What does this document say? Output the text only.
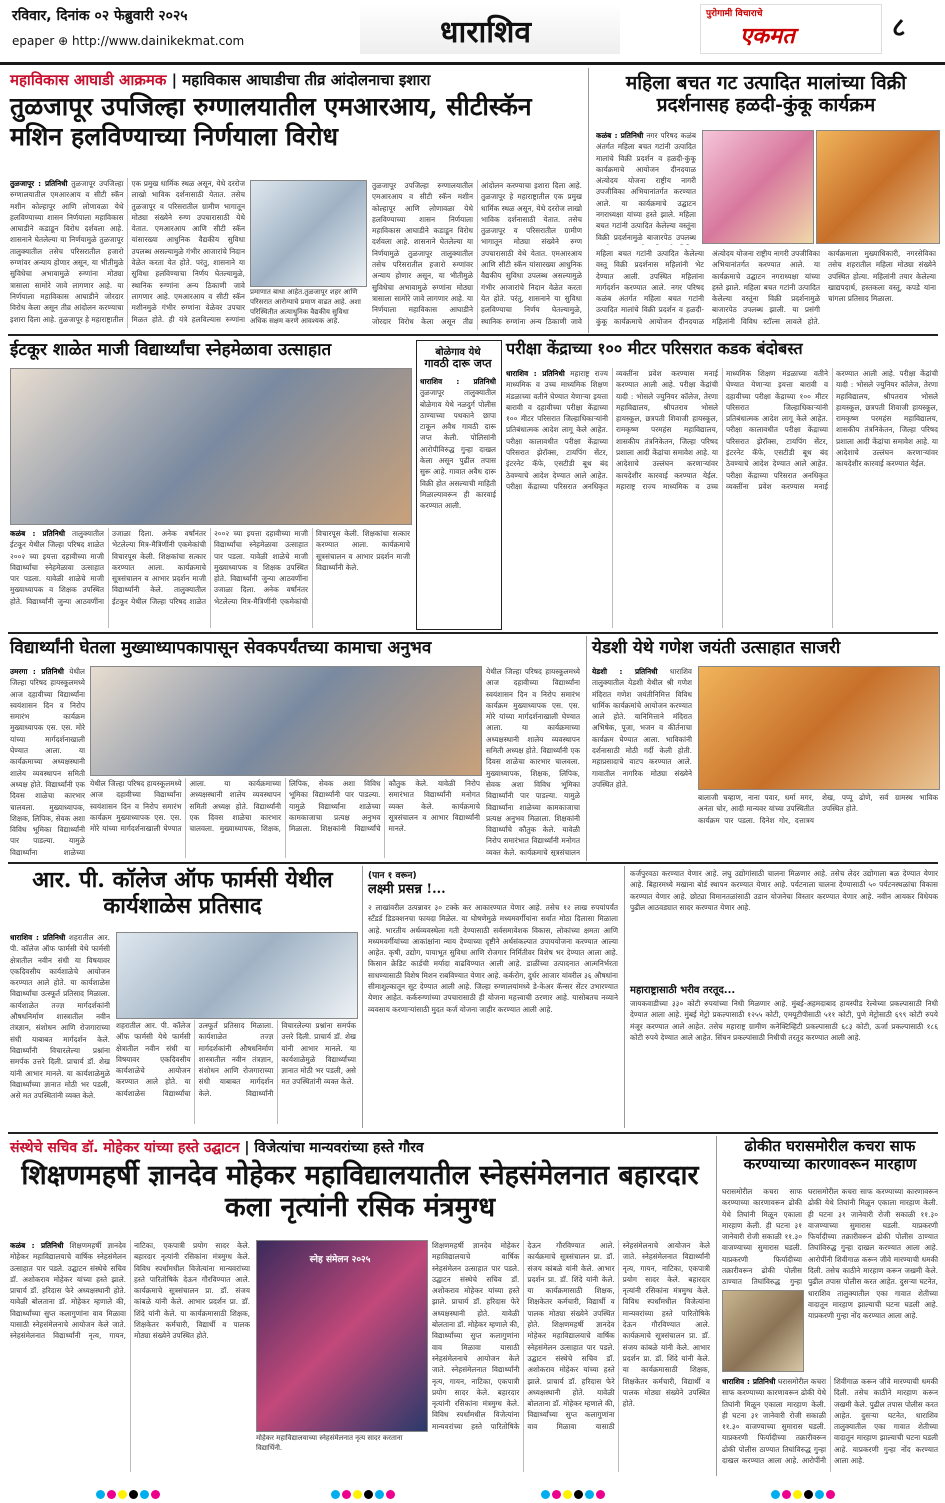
रविवार, दिनांक ०२ फेब्रुवारी २०२५
epaper ⊕ http://www.dainikekmat.com	धाराशिव
पुरोगामी विचाराचे
एकमत	८
महाविकास आघाडी आक्रमक | महाविकास आघाडीचा तीव्र आंदोलनाचा इशारा
तुळजापूर उपजिल्हा रुग्णालयातील एमआरआय, सीटीस्कॅन मशिन हलविण्याच्या निर्णयाला विरोध
तुळजापूर : प्रतिनिधी तुळजापूर उपजिल्हा रुग्णालयातील एमआरआय व सीटी स्कॅन मशीन कोल्हापूर आणि लोणावळा येथे हलविण्याच्या शासन निर्णयाला महाविकास आघाडीने कडाडून विरोध दर्शवला आहे. शासनाने घेतलेल्या या निर्णयामुळे तुळजापूर तालुक्यातील तसेच परिसरातील हजारो रुग्णांवर अन्याय होणार असून, या भीतीमुळे सुविधेचा अभावामुळे रुग्णांना मोठ्या त्रासाला सामोरे जावे लागणार आहे. या निर्णयाला महाविकास आघाडीने जोरदार विरोध केला असून तीव्र आंदोलन करण्याचा इशारा दिला आहे. तुळजापूर हे महाराष्ट्रातील एक प्रमुख धार्मिक स्थळ असून, येथे दररोज लाखो भाविक दर्शनासाठी येतात. तसेच तुळजापूर व परिसरातील ग्रामीण भागातून मोठ्या संख्येने रुग्ण उपचारासाठी येथे येतात. एमआरआय आणि सीटी स्कॅन यांसारख्या आधुनिक वैद्यकीय सुविधा उपलब्ध असल्यामुळे गंभीर आजारांचे निदान वेळेत करता येत होते. परंतु, शासनाने या सुविधा हलविण्याचा निर्णय घेतल्यामुळे, स्थानिक रुग्णांना अन्य ठिकाणी जावे लागणार आहे. एमआरआय व सीटी स्कॅन मशीनमुळे गंभीर रुग्णांना वेळेवर उपचार मिळत होते. ही यंत्रे हलविल्यास रुग्णांना
प्रमाणात बाधा आहेत.तुळजापूर शहर आणि परिसरात आरोग्याचे प्रमाण वाढत आहे. अशा परिस्थितीत अत्याधुनिक वैद्यकीय सुविधा अधिक सक्षम करणे आवश्यक आहे.
तुळजापूर उपजिल्हा रुग्णालयातील एमआरआय व सीटी स्कॅन मशीन कोल्हापूर आणि लोणावळा येथे हलविण्याच्या शासन निर्णयाला महाविकास आघाडीने कडाडून विरोध दर्शवला आहे. शासनाने घेतलेल्या या निर्णयामुळे तुळजापूर तालुक्यातील तसेच परिसरातील हजारो रुग्णांवर अन्याय होणार असून, या भीतीमुळे सुविधेचा अभावामुळे रुग्णांना मोठ्या त्रासाला सामोरे जावे लागणार आहे. या निर्णयाला महाविकास आघाडीने जोरदार विरोध केला असून तीव्र आंदोलन करण्याचा इशारा दिला आहे. तुळजापूर हे महाराष्ट्रातील एक प्रमुख धार्मिक स्थळ असून, येथे दररोज लाखो भाविक दर्शनासाठी येतात. तसेच तुळजापूर व परिसरातील ग्रामीण भागातून मोठ्या संख्येने रुग्ण उपचारासाठी येथे येतात. एमआरआय आणि सीटी स्कॅन यांसारख्या आधुनिक वैद्यकीय सुविधा उपलब्ध असल्यामुळे गंभीर आजारांचे निदान वेळेत करता येत होते. परंतु, शासनाने या सुविधा हलविण्याचा निर्णय घेतल्यामुळे, स्थानिक रुग्णांना अन्य ठिकाणी जावे
महिला बचत गट उत्पादित मालांच्या विक्री प्रदर्शनासह हळदी-कुंकू कार्यक्रम
कळंब : प्रतिनिधी नगर परिषद कळंब अंतर्गत महिला बचत गटांनी उत्पादित मालांचे विक्री प्रदर्शन व हळदी-कुंकू कार्यक्रमाचे आयोजन दीनदयाळ अंत्योदय योजना राष्ट्रीय नागरी उपजीविका अभियानांतर्गत करण्यात आले. या कार्यक्रमाचे उद्घाटन नगराध्यक्षा यांच्या हस्ते झाले. महिला बचत गटांनी उत्पादित केलेल्या वस्तूंना विक्री प्रदर्शनामुळे बाजारपेठ उपलब्ध
महिला बचत गटांनी उत्पादित केलेल्या वस्तू विक्री प्रदर्शनास महिलांनी भेट देण्यात आली. उपस्थित महिलांना मार्गदर्शन करण्यात आले. नगर परिषद कळंब अंतर्गत महिला बचत गटांनी उत्पादित मालांचे विक्री प्रदर्शन व हळदी-कुंकू कार्यक्रमाचे आयोजन दीनदयाळ अंत्योदय योजना राष्ट्रीय नागरी उपजीविका अभियानांतर्गत करण्यात आले. या कार्यक्रमाचे उद्घाटन नगराध्यक्षा यांच्या हस्ते झाले. महिला बचत गटांनी उत्पादित केलेल्या वस्तूंना विक्री प्रदर्शनामुळे बाजारपेठ उपलब्ध झाली. या प्रसंगी महिलांनी विविध स्टॉल्स लावले होते. कार्यक्रमाला मुख्याधिकारी, नगरसेविका तसेच शहरातील महिला मोठ्या संख्येने उपस्थित होत्या. महिलांनी तयार केलेल्या खाद्यपदार्थ, हस्तकला वस्तू, कपडे यांना चांगला प्रतिसाद मिळाला.
ईटकूर शाळेत माजी विद्यार्थ्यांचा स्नेहमेळावा उत्साहात
कळंब : प्रतिनिधी तालुक्यातील ईटकूर येथील जिल्हा परिषद शाळेत २००२ च्या इयत्ता दहावीच्या माजी विद्यार्थ्यांचा स्नेहमेळावा उत्साहात पार पडला. यावेळी शाळेचे माजी मुख्याध्यापक व शिक्षक उपस्थित होते. विद्यार्थ्यांनी जुन्या आठवणींना उजाळा दिला. अनेक वर्षांनंतर भेटलेल्या मित्र-मैत्रिणींनी एकमेकांची विचारपूस केली. शिक्षकांचा सत्कार करण्यात आला. कार्यक्रमाचे सूत्रसंचालन व आभार प्रदर्शन माजी विद्यार्थ्यांनी केले. तालुक्यातील ईटकूर येथील जिल्हा परिषद शाळेत २००२ च्या इयत्ता दहावीच्या माजी विद्यार्थ्यांचा स्नेहमेळावा उत्साहात पार पडला. यावेळी शाळेचे माजी मुख्याध्यापक व शिक्षक उपस्थित होते. विद्यार्थ्यांनी जुन्या आठवणींना उजाळा दिला. अनेक वर्षांनंतर भेटलेल्या मित्र-मैत्रिणींनी एकमेकांची विचारपूस केली. शिक्षकांचा सत्कार करण्यात आला. कार्यक्रमाचे सूत्रसंचालन व आभार प्रदर्शन माजी विद्यार्थ्यांनी केले.
बोळेगाव येथे
गावठी दारू जप्त
धाराशिव : प्रतिनिधी तुळजापूर तालुक्यातील बोळेगाव येथे नळदुर्ग पोलीस ठाण्याच्या पथकाने छापा टाकून अवैध गावठी दारू जप्त केली. पोलिसांनी आरोपीविरुद्ध गुन्हा दाखल केला असून पुढील तपास सुरू आहे. गावात अवैध दारू विक्री होत असल्याची माहिती मिळाल्यावरून ही कारवाई करण्यात आली.
परीक्षा केंद्राच्या १०० मीटर परिसरात कडक बंदोबस्त
धाराशिव : प्रतिनिधी महाराष्ट्र राज्य माध्यमिक व उच्च माध्यमिक शिक्षण मंडळाच्या वतीने घेण्यात येणाऱ्या इयत्ता बारावी व दहावीच्या परीक्षा केंद्राच्या १०० मीटर परिसरात जिल्हाधिकाऱ्यांनी प्रतिबंधात्मक आदेश लागू केले आहेत. परीक्षा कालावधीत परीक्षा केंद्राच्या परिसरात झेरॉक्स, टायपिंग सेंटर, इंटरनेट कॅफे, एसटीडी बूथ बंद ठेवण्याचे आदेश देण्यात आले आहेत. परीक्षा केंद्राच्या परिसरात अनधिकृत व्यक्तींना प्रवेश करण्यास मनाई करण्यात आली आहे. परीक्षा केंद्रांची यादी : भोसले ज्युनियर कॉलेज, तेरणा महाविद्यालय, श्रीपतराव भोसले हायस्कूल, छत्रपती शिवाजी हायस्कूल, रामकृष्ण परमहंस महाविद्यालय, शासकीय तंत्रनिकेतन, जिल्हा परिषद प्रशाला आदी केंद्रांचा समावेश आहे. या आदेशाचे उल्लंघन करणाऱ्यांवर कायदेशीर कारवाई करण्यात येईल. महाराष्ट्र राज्य माध्यमिक व उच्च माध्यमिक शिक्षण मंडळाच्या वतीने घेण्यात येणाऱ्या इयत्ता बारावी व दहावीच्या परीक्षा केंद्राच्या १०० मीटर परिसरात जिल्हाधिकाऱ्यांनी प्रतिबंधात्मक आदेश लागू केले आहेत. परीक्षा कालावधीत परीक्षा केंद्राच्या परिसरात झेरॉक्स, टायपिंग सेंटर, इंटरनेट कॅफे, एसटीडी बूथ बंद ठेवण्याचे आदेश देण्यात आले आहेत. परीक्षा केंद्राच्या परिसरात अनधिकृत व्यक्तींना प्रवेश करण्यास मनाई करण्यात आली आहे. परीक्षा केंद्रांची यादी : भोसले ज्युनियर कॉलेज, तेरणा महाविद्यालय, श्रीपतराव भोसले हायस्कूल, छत्रपती शिवाजी हायस्कूल, रामकृष्ण परमहंस महाविद्यालय, शासकीय तंत्रनिकेतन, जिल्हा परिषद प्रशाला आदी केंद्रांचा समावेश आहे. या आदेशाचे उल्लंघन करणाऱ्यांवर कायदेशीर कारवाई करण्यात येईल.
विद्यार्थ्यांनी घेतला मुख्याध्यापकापासून सेवकपर्यंतच्या कामाचा अनुभव
उमरगा : प्रतिनिधी येथील जिल्हा परिषद हायस्कूलमध्ये आज दहावीच्या विद्यार्थ्यांना स्वयंशासन दिन व निरोप समारंभ कार्यक्रम मुख्याध्यापक एस. एस. मोरे यांच्या मार्गदर्शनाखाली घेण्यात आला. या कार्यक्रमाच्या अध्यक्षस्थानी शालेय व्यवस्थापन समिती अध्यक्ष होते. विद्यार्थ्यांनी एक दिवस शाळेचा कारभार चालवला. मुख्याध्यापक, शिक्षक, लिपिक, सेवक अशा विविध भूमिका विद्यार्थ्यांनी पार पाडल्या. यामुळे विद्यार्थ्यांना शाळेच्या
येथील जिल्हा परिषद हायस्कूलमध्ये आज दहावीच्या विद्यार्थ्यांना स्वयंशासन दिन व निरोप समारंभ कार्यक्रम मुख्याध्यापक एस. एस. मोरे यांच्या मार्गदर्शनाखाली घेण्यात आला. या कार्यक्रमाच्या अध्यक्षस्थानी शालेय व्यवस्थापन समिती अध्यक्ष होते. विद्यार्थ्यांनी एक दिवस शाळेचा कारभार चालवला. मुख्याध्यापक, शिक्षक, लिपिक, सेवक अशा विविध भूमिका विद्यार्थ्यांनी पार पाडल्या. यामुळे विद्यार्थ्यांना शाळेच्या कामकाजाचा प्रत्यक्ष अनुभव मिळाला. शिक्षकांनी विद्यार्थ्यांचे कौतुक केले. यावेळी निरोप समारंभात विद्यार्थ्यांनी मनोगत व्यक्त केले. कार्यक्रमाचे सूत्रसंचालन व आभार विद्यार्थ्यांनी मानले.
येथील जिल्हा परिषद हायस्कूलमध्ये आज दहावीच्या विद्यार्थ्यांना स्वयंशासन दिन व निरोप समारंभ कार्यक्रम मुख्याध्यापक एस. एस. मोरे यांच्या मार्गदर्शनाखाली घेण्यात आला. या कार्यक्रमाच्या अध्यक्षस्थानी शालेय व्यवस्थापन समिती अध्यक्ष होते. विद्यार्थ्यांनी एक दिवस शाळेचा कारभार चालवला. मुख्याध्यापक, शिक्षक, लिपिक, सेवक अशा विविध भूमिका विद्यार्थ्यांनी पार पाडल्या. यामुळे विद्यार्थ्यांना शाळेच्या कामकाजाचा प्रत्यक्ष अनुभव मिळाला. शिक्षकांनी विद्यार्थ्यांचे कौतुक केले. यावेळी निरोप समारंभात विद्यार्थ्यांनी मनोगत व्यक्त केले. कार्यक्रमाचे सूत्रसंचालन
येडशी येथे गणेश जयंती उत्साहात साजरी
येडशी : प्रतिनिधी धाराशिव तालुक्यातील येडशी येथील श्री गणेश मंदिरात गणेश जयंतीनिमित्त विविध धार्मिक कार्यक्रमांचे आयोजन करण्यात आले होते. यानिमित्ताने मंदिरात अभिषेक, पूजा, भजन व कीर्तनाचा कार्यक्रम घेण्यात आला. भाविकांनी दर्शनासाठी मोठी गर्दी केली होती. महाप्रसादाचे वाटप करण्यात आले. गावातील नागरिक मोठ्या संख्येने उपस्थित होते.
बालाजी चव्हाण, नाना पवार, धर्मा मगर, अनंता चोर, आदी मान्यवर यांच्या उपस्थितीत कार्यक्रम पार पडला. दिनेश गोर, दत्तात्रय शेख, पप्पू ढोणे, सर्व ग्रामस्थ भाविक उपस्थित होते.
आर. पी. कॉलेज ऑफ फार्मसी येथील कार्यशाळेस प्रतिसाद
धाराशिव : प्रतिनिधी शहरातील आर. पी. कॉलेज ऑफ फार्मसी येथे फार्मसी क्षेत्रातील नवीन संधी या विषयावर एकदिवसीय कार्यशाळेचे आयोजन करण्यात आले होते. या कार्यशाळेस विद्यार्थ्यांचा उत्स्फूर्त प्रतिसाद मिळाला. कार्यशाळेत तज्ज्ञ मार्गदर्शकांनी औषधनिर्माण शास्त्रातील नवीन तंत्रज्ञान, संशोधन आणि रोजगाराच्या संधी याबाबत मार्गदर्शन केले. विद्यार्थ्यांनी विचारलेल्या प्रश्नांना समर्पक उत्तरे दिली. प्राचार्य डॉ. शेख यांनी आभार मानले. या कार्यशाळेमुळे विद्यार्थ्यांच्या ज्ञानात मोठी भर पडली, असे मत उपस्थितांनी व्यक्त केले.
शहरातील आर. पी. कॉलेज ऑफ फार्मसी येथे फार्मसी क्षेत्रातील नवीन संधी या विषयावर एकदिवसीय कार्यशाळेचे आयोजन करण्यात आले होते. या कार्यशाळेस विद्यार्थ्यांचा उत्स्फूर्त प्रतिसाद मिळाला. कार्यशाळेत तज्ज्ञ मार्गदर्शकांनी औषधनिर्माण शास्त्रातील नवीन तंत्रज्ञान, संशोधन आणि रोजगाराच्या संधी याबाबत मार्गदर्शन केले. विद्यार्थ्यांनी विचारलेल्या प्रश्नांना समर्पक उत्तरे दिली. प्राचार्य डॉ. शेख यांनी आभार मानले. या कार्यशाळेमुळे विद्यार्थ्यांच्या ज्ञानात मोठी भर पडली, असे मत उपस्थितांनी व्यक्त केले.
(पान १ वरून)
लक्ष्मी प्रसन्न !...
२ लाखांवरील उत्पन्नावर ३० टक्के कर आकारण्यात येणार आहे. तसेच १२ लाख रुपयांपर्यंत स्टँडर्ड डिडक्शनचा फायदा मिळेल. या घोषणेमुळे मध्यमवर्गीयांना सर्वात मोठा दिलासा मिळाला आहे. भारतीय अर्थव्यवस्थेला गती देण्यासाठी सर्वसमावेशक विकास, लोकांच्या क्षमता आणि मध्यमवर्गीयांच्या आकांक्षांना न्याय देण्याच्या दृष्टीने अर्थसंकल्पात उपाययोजना करण्यात आल्या आहेत. कृषी, उद्योग, पायाभूत सुविधा आणि रोजगार निर्मितीवर विशेष भर देण्यात आला आहे. किसान क्रेडिट कार्डची मर्यादा वाढविण्यात आली आहे. डाळींच्या उत्पादनात आत्मनिर्भरता साधण्यासाठी विशेष मिशन राबविण्यात येणार आहे. कर्करोग, दुर्धर आजार यांवरील ३६ औषधांना सीमाशुल्कातून सूट देण्यात आली आहे. जिल्हा रुग्णालयांमध्ये डे-केअर कॅन्सर सेंटर उभारण्यात येणार आहेत. कर्करुग्णांच्या उपचारासाठी ही योजना महत्त्वाची ठरणार आहे. यासोबतच नव्याने व्यवसाय करणाऱ्यांसाठी मुदत कर्ज योजना जाहीर करण्यात आली आहे.
कर्जपुरवठा करण्यात येणार आहे. लघु उद्योगांसाठी चालना मिळणार आहे. तसेच लेदर उद्योगाला बळ देण्यात येणार आहे. बिहारमध्ये मखाना बोर्ड स्थापन करण्यात येणार आहे. पर्यटनाला चालना देण्यासाठी ५० पर्यटनस्थळांचा विकास करण्यात येणार आहे. छोट्या विमानतळांसाठी उडान योजनेचा विस्तार करण्यात येणार आहे. नवीन आयकर विधेयक पुढील आठवड्यात सादर करण्यात येणार आहे.
महाराष्ट्रासाठी भरीव तरतूद...
जायकवाडीच्या ३३० कोटी रुपयांच्या निधी मिळणार आहे. मुंबई-अहमदाबाद हायस्पीड रेल्वेच्या प्रकल्पासाठी निधी देण्यात आला आहे. मुंबई मेट्रो प्रकल्पासाठी १२५५ कोटी, एमयूटीपीसाठी ५११ कोटी, पुणे मेट्रोसाठी ६९९ कोटी रुपये मंजूर करण्यात आले आहेत. तसेच महाराष्ट्र ग्रामीण कनेक्टिव्हिटी प्रकल्पासाठी ६८३ कोटी, ऊर्जा प्रकल्पासाठी १८६ कोटी रुपये देण्यात आले आहेत. सिंचन प्रकल्पांसाठी निधीची तरतूद करण्यात आली आहे.
संस्थेचे सचिव डॉ. मोहेकर यांच्या हस्ते उद्घाटन | विजेत्यांचा मान्यवरांच्या हस्ते गौरव
शिक्षणमहर्षी ज्ञानदेव मोहेकर महाविद्यालयातील स्नेहसंमेलनात बहारदार कला नृत्यांनी रसिक मंत्रमुग्ध
कळंब : प्रतिनिधी शिक्षणमहर्षी ज्ञानदेव मोहेकर महाविद्यालयाचे वार्षिक स्नेहसंमेलन उत्साहात पार पडले. उद्घाटन संस्थेचे सचिव डॉ. अशोकराव मोहेकर यांच्या हस्ते झाले. प्राचार्य डॉ. हरिदास फेरे अध्यक्षस्थानी होते. यावेळी बोलताना डॉ. मोहेकर म्हणाले की, विद्यार्थ्यांच्या सुप्त कलागुणांना वाव मिळावा यासाठी स्नेहसंमेलनाचे आयोजन केले जाते. स्नेहसंमेलनात विद्यार्थ्यांनी नृत्य, गायन, नाटिका, एकपात्री प्रयोग सादर केले. बहारदार नृत्यांनी रसिकांना मंत्रमुग्ध केले. विविध स्पर्धांमधील विजेत्यांना मान्यवरांच्या हस्ते पारितोषिके देऊन गौरविण्यात आले. कार्यक्रमाचे सूत्रसंचालन प्रा. डॉ. संजय कांबळे यांनी केले. आभार प्रदर्शन प्रा. डॉ. शिंदे यांनी केले. या कार्यक्रमासाठी शिक्षक, शिक्षकेतर कर्मचारी, विद्यार्थी व पालक मोठ्या संख्येने उपस्थित होते.
स्नेह संमेलन २०२५
मोहेकर महाविद्यालयाच्या स्नेहसंमेलनात नृत्य सादर करताना विद्यार्थिनी.
शिक्षणमहर्षी ज्ञानदेव मोहेकर महाविद्यालयाचे वार्षिक स्नेहसंमेलन उत्साहात पार पडले. उद्घाटन संस्थेचे सचिव डॉ. अशोकराव मोहेकर यांच्या हस्ते झाले. प्राचार्य डॉ. हरिदास फेरे अध्यक्षस्थानी होते. यावेळी बोलताना डॉ. मोहेकर म्हणाले की, विद्यार्थ्यांच्या सुप्त कलागुणांना वाव मिळावा यासाठी स्नेहसंमेलनाचे आयोजन केले जाते. स्नेहसंमेलनात विद्यार्थ्यांनी नृत्य, गायन, नाटिका, एकपात्री प्रयोग सादर केले. बहारदार नृत्यांनी रसिकांना मंत्रमुग्ध केले. विविध स्पर्धांमधील विजेत्यांना मान्यवरांच्या हस्ते पारितोषिके देऊन गौरविण्यात आले. कार्यक्रमाचे सूत्रसंचालन प्रा. डॉ. संजय कांबळे यांनी केले. आभार प्रदर्शन प्रा. डॉ. शिंदे यांनी केले. या कार्यक्रमासाठी शिक्षक, शिक्षकेतर कर्मचारी, विद्यार्थी व पालक मोठ्या संख्येने उपस्थित होते. शिक्षणमहर्षी ज्ञानदेव मोहेकर महाविद्यालयाचे वार्षिक स्नेहसंमेलन उत्साहात पार पडले. उद्घाटन संस्थेचे सचिव डॉ. अशोकराव मोहेकर यांच्या हस्ते झाले. प्राचार्य डॉ. हरिदास फेरे अध्यक्षस्थानी होते. यावेळी बोलताना डॉ. मोहेकर म्हणाले की, विद्यार्थ्यांच्या सुप्त कलागुणांना वाव मिळावा यासाठी स्नेहसंमेलनाचे आयोजन केले जाते. स्नेहसंमेलनात विद्यार्थ्यांनी नृत्य, गायन, नाटिका, एकपात्री प्रयोग सादर केले. बहारदार नृत्यांनी रसिकांना मंत्रमुग्ध केले. विविध स्पर्धांमधील विजेत्यांना मान्यवरांच्या हस्ते पारितोषिके देऊन गौरविण्यात आले. कार्यक्रमाचे सूत्रसंचालन प्रा. डॉ. संजय कांबळे यांनी केले. आभार प्रदर्शन प्रा. डॉ. शिंदे यांनी केले. या कार्यक्रमासाठी शिक्षक, शिक्षकेतर कर्मचारी, विद्यार्थी व पालक मोठ्या संख्येने उपस्थित होते.
ढोकीत घरासमोरील कचरा साफ करण्याच्या कारणावरून मारहाण
घरासमोरील कचरा साफ करण्याच्या कारणावरून ढोकी येथे तिघांनी मिळून एकाला मारहाण केली. ही घटना ३१ जानेवारी रोजी सकाळी ११.३० वाजण्याच्या सुमारास घडली. याप्रकरणी फिर्यादीच्या तक्रारीवरून ढोकी पोलीस ठाण्यात तिघांविरुद्ध गुन्हा
धाराशिव : प्रतिनिधी घरासमोरील कचरा साफ करण्याच्या कारणावरून ढोकी येथे तिघांनी मिळून एकाला मारहाण केली. ही घटना ३१ जानेवारी रोजी सकाळी ११.३० वाजण्याच्या सुमारास घडली. याप्रकरणी फिर्यादीच्या तक्रारीवरून ढोकी पोलीस ठाण्यात तिघांविरुद्ध गुन्हा दाखल करण्यात आला आहे. आरोपींनी शिवीगाळ करून जीवे मारण्याची धमकी दिली. तसेच काठीने मारहाण करून जखमी केले. पुढील तपास पोलीस करत आहेत. दुसऱ्या घटनेत, धाराशिव तालुक्यातील एका गावात शेतीच्या वादातून मारहाण झाल्याची घटना घडली आहे. याप्रकरणी गुन्हा नोंद करण्यात आला आहे.
घरासमोरील कचरा साफ करण्याच्या कारणावरून ढोकी येथे तिघांनी मिळून एकाला मारहाण केली. ही घटना ३१ जानेवारी रोजी सकाळी ११.३० वाजण्याच्या सुमारास घडली. याप्रकरणी फिर्यादीच्या तक्रारीवरून ढोकी पोलीस ठाण्यात तिघांविरुद्ध गुन्हा दाखल करण्यात आला आहे. आरोपींनी शिवीगाळ करून जीवे मारण्याची धमकी दिली. तसेच काठीने मारहाण करून जखमी केले. पुढील तपास पोलीस करत आहेत. दुसऱ्या घटनेत, धाराशिव तालुक्यातील एका गावात शेतीच्या वादातून मारहाण झाल्याची घटना घडली आहे. याप्रकरणी गुन्हा नोंद करण्यात आला आहे.
